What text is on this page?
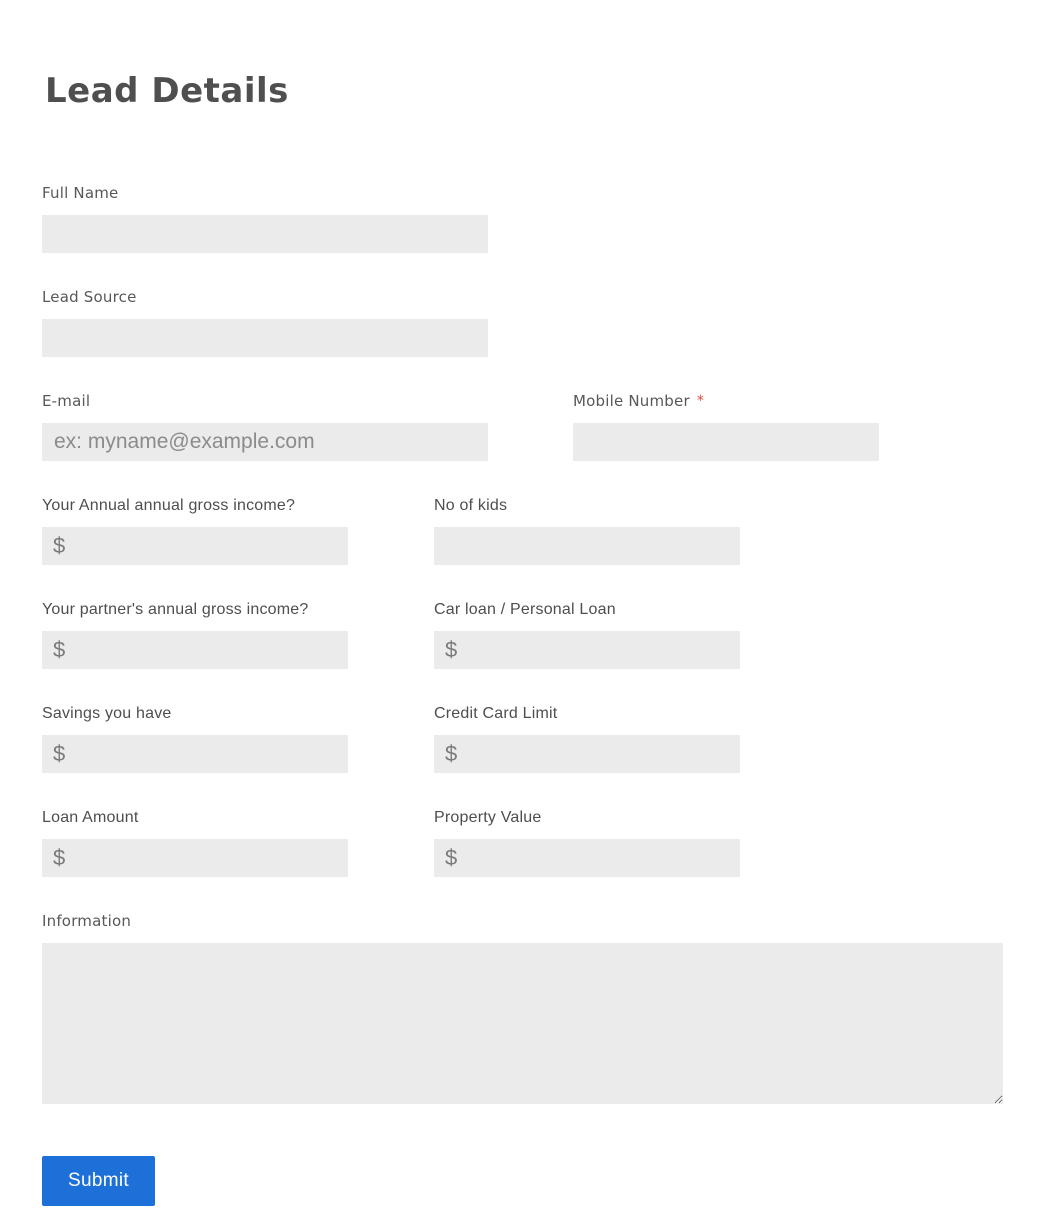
Lead Details
Full Name
Lead Source
E-mail
ex: myname@example.com	Mobile Number *
Your Annual annual gross income?
$
No of kids
Your partner's annual gross income?
$
Car loan / Personal Loan
$
Savings you have
$
Credit Card Limit
$
Loan Amount
$
Property Value
$
Information
Submit
